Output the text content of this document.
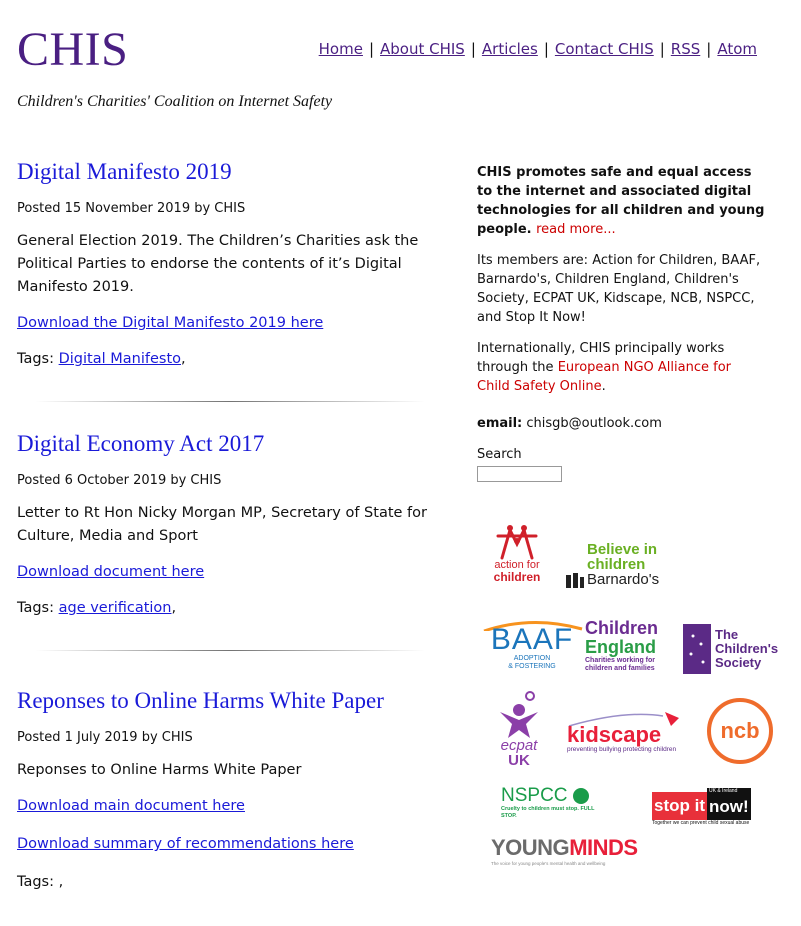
CHIS

Children's Charities' Coalition on Internet Safety

Home | About CHIS | Articles | Contact CHIS | RSS | Atom
Digital Manifesto 2019

Posted 15 November 2019 by CHIS

General Election 2019. The Children’s Charities ask the Political Parties to endorse the contents of it’s Digital Manifesto 2019.

Download the Digital Manifesto 2019 here
Tags: Digital Manifesto,
Digital Economy Act 2017

Posted 6 October 2019 by CHIS

Letter to Rt Hon Nicky Morgan MP, Secretary of State for Culture, Media and Sport

Download document here
Tags: age verification,
Reponses to Online Harms White Paper

Posted 1 July 2019 by CHIS

Reponses to Online Harms White Paper

Download main document here
Download summary of recommendations here
Tags: ,

CHIS promotes safe and equal access to the internet and associated digital technologies for all children and young people. read more...

Its members are: Action for Children, BAAF, Barnardo's, Children England, Children's Society, ECPAT UK, Kidscape, NCB, NSPCC, and Stop It Now!

Internationally, CHIS principally works through the European NGO Alliance for Child Safety Online.

email: chisgb@outlook.com

Search
action for
children
Believe in
children
Barnardo's
BAAF
ADOPTION
& FOSTERING
Children
England
Charities working for
children and families
The
Children's
Society
ecpat
UK
kidscape
preventing bullying protecting children
ncb
NSPCC
Cruelty to children must stop. FULL STOP.
stop it
UK & Ireland
now!
Together we can prevent child sexual abuse
YOUNG MINDS
The voice for young people's mental health and wellbeing
